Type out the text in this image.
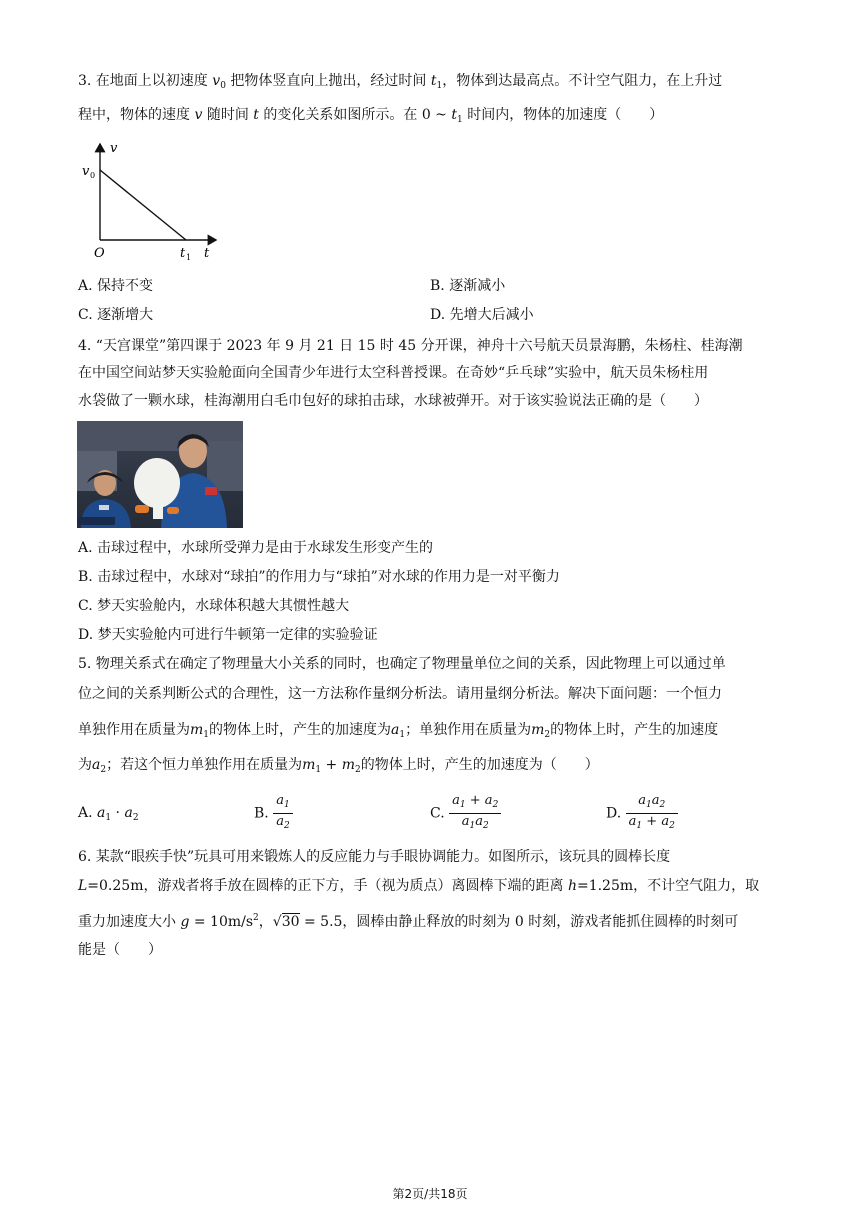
3. 在地面上以初速度 $v_0$ 把物体竖直向上抛出，经过时间 $t_1$，物体到达最高点。不计空气阻力，在上升过
程中，物体的速度 v 随时间 t 的变化关系如图所示。在 0 ~ $t_1$ 时间内，物体的加速度（　　）
v
t
O
v 0
t 1
A. 保持不变	B. 逐渐减小
C. 逐渐增大	D. 先增大后减小
4. “天宫课堂”第四课于 2023 年 9 月 21 日 15 时 45 分开课，神舟十六号航天员景海鹏，朱杨柱、桂海潮
在中国空间站梦天实验舱面向全国青少年进行太空科普授课。在奇妙“乒乓球”实验中，航天员朱杨柱用
水袋做了一颗水球，桂海潮用白毛巾包好的球拍击球，水球被弹开。对于该实验说法正确的是（　　）
A. 击球过程中，水球所受弹力是由于水球发生形变产生的
B. 击球过程中，水球对“球拍”的作用力与“球拍”对水球的作用力是一对平衡力
C. 梦天实验舱内，水球体积越大其惯性越大
D. 梦天实验舱内可进行牛顿第一定律的实验验证
5. 物理关系式在确定了物理量大小关系的同时，也确定了物理量单位之间的关系，因此物理上可以通过单
位之间的关系判断公式的合理性，这一方法称作量纲分析法。请用量纲分析法。解决下面问题：一个恒力
单独作用在质量为$m_1$的物体上时，产生的加速度为$a_1$；单独作用在质量为$m_2$的物体上时，产生的加速度
为$a_2$；若这个恒力单独作用在质量为$m_1 + m_2$的物体上时，产生的加速度为（　　）
A. $a_1 \cdot a_2$	B. $\frac{a_1}{a_2}$	C. $\frac{a_1 + a_2}{a_1a_2}$	D. $\frac{a_1a_2}{a_1 + a_2}$
6. 某款“眼疾手快”玩具可用来锻炼人的反应能力与手眼协调能力。如图所示，该玩具的圆棒长度
L=0.25m，游戏者将手放在圆棒的正下方，手（视为质点）离圆棒下端的距离 h=1.25m，不计空气阻力，取
重力加速度大小 $g = 10m/s^2$，√30 = 5.5，圆棒由静止释放的时刻为 0 时刻，游戏者能抓住圆棒的时刻可
能是（　　）
第2页/共18页
